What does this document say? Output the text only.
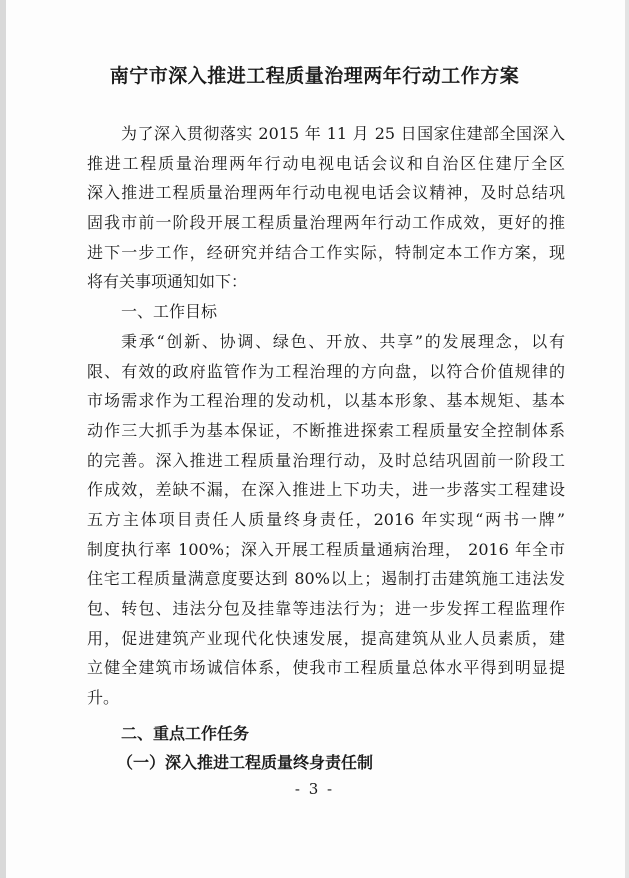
南宁市深入推进工程质量治理两年行动工作方案
为了深入贯彻落实 2015 年 11 月 25 日国家住建部全国深入
推进工程质量治理两年行动电视电话会议和自治区住建厅全区
深入推进工程质量治理两年行动电视电话会议精神，及时总结巩
固我市前一阶段开展工程质量治理两年行动工作成效，更好的推
进下一步工作，经研究并结合工作实际，特制定本工作方案，现
将有关事项通知如下：
一、工作目标
秉承“创新、协调、绿色、开放、共享”的发展理念，以有
限、有效的政府监管作为工程治理的方向盘，以符合价值规律的
市场需求作为工程治理的发动机，以基本形象、基本规矩、基本
动作三大抓手为基本保证，不断推进探索工程质量安全控制体系
的完善。深入推进工程质量治理行动，及时总结巩固前一阶段工
作成效，差缺不漏，在深入推进上下功夫，进一步落实工程建设
五方主体项目责任人质量终身责任，2016 年实现“两书一牌”
制度执行率 100%；深入开展工程质量通病治理， 2016 年全市
住宅工程质量满意度要达到 80%以上；遏制打击建筑施工违法发
包、转包、违法分包及挂靠等违法行为；进一步发挥工程监理作
用，促进建筑产业现代化快速发展，提高建筑从业人员素质，建
立健全建筑市场诚信体系，使我市工程质量总体水平得到明显提
升。
二、重点工作任务
（一）深入推进工程质量终身责任制
- 3 -
